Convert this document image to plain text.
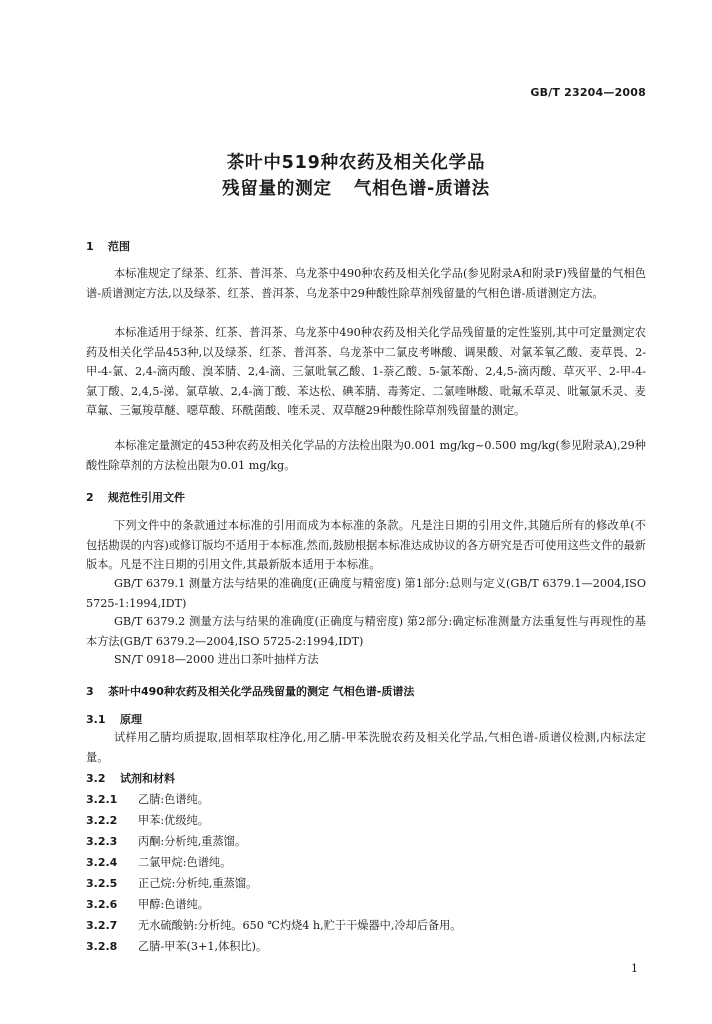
GB/T 23204—2008
茶叶中519种农药及相关化学品
残留量的测定 气相色谱-质谱法
1 范围

本标准规定了绿茶、红茶、普洱茶、乌龙茶中490种农药及相关化学品(参见附录A和附录F)残留量的气相色谱-质谱测定方法,以及绿茶、红茶、普洱茶、乌龙茶中29种酸性除草剂残留量的气相色谱-质谱测定方法。

本标准适用于绿茶、红茶、普洱茶、乌龙茶中490种农药及相关化学品残留量的定性鉴别,其中可定量测定农药及相关化学品453种,以及绿茶、红茶、普洱茶、乌龙茶中二氯皮考啉酸、调果酸、对氯苯氧乙酸、麦草畏、2-甲-4-氯、2,4-滴丙酸、溴苯腈、2,4-滴、三氯吡氧乙酸、1-萘乙酸、5-氯苯酚、2,4,5-滴丙酸、草灭平、2-甲-4-氯丁酸、2,4,5-涕、氯草敏、2,4-滴丁酸、苯达松、碘苯腈、毒莠定、二氯喹啉酸、吡氟禾草灵、吡氟氯禾灵、麦草氟、三氟羧草醚、噁草酸、环酰菌酸、喹禾灵、双草醚29种酸性除草剂残留量的测定。

本标准定量测定的453种农药及相关化学品的方法检出限为0.001 mg/kg~0.500 mg/kg(参见附录A),29种酸性除草剂的方法检出限为0.01 mg/kg。

2 规范性引用文件

下列文件中的条款通过本标准的引用而成为本标准的条款。凡是注日期的引用文件,其随后所有的修改单(不包括勘误的内容)或修订版均不适用于本标准,然而,鼓励根据本标准达成协议的各方研究是否可使用这些文件的最新版本。凡是不注日期的引用文件,其最新版本适用于本标准。

GB/T 6379.1 测量方法与结果的准确度(正确度与精密度) 第1部分:总则与定义(GB/T 6379.1—2004,ISO 5725-1:1994,IDT)

GB/T 6379.2 测量方法与结果的准确度(正确度与精密度) 第2部分:确定标准测量方法重复性与再现性的基本方法(GB/T 6379.2—2004,ISO 5725-2:1994,IDT)

SN/T 0918—2000 进出口茶叶抽样方法

3 茶叶中490种农药及相关化学品残留量的测定 气相色谱-质谱法
3.1 原理

试样用乙腈均质提取,固相萃取柱净化,用乙腈-甲苯洗脱农药及相关化学品,气相色谱-质谱仪检测,内标法定量。

3.2 试剂和材料
3.2.1 乙腈:色谱纯。
3.2.2 甲苯:优级纯。
3.2.3 丙酮:分析纯,重蒸馏。
3.2.4 二氯甲烷:色谱纯。
3.2.5 正己烷:分析纯,重蒸馏。
3.2.6 甲醇:色谱纯。
3.2.7 无水硫酸钠:分析纯。650 ℃灼烧4 h,贮于干燥器中,冷却后备用。
3.2.8 乙腈-甲苯(3+1,体积比)。
1
